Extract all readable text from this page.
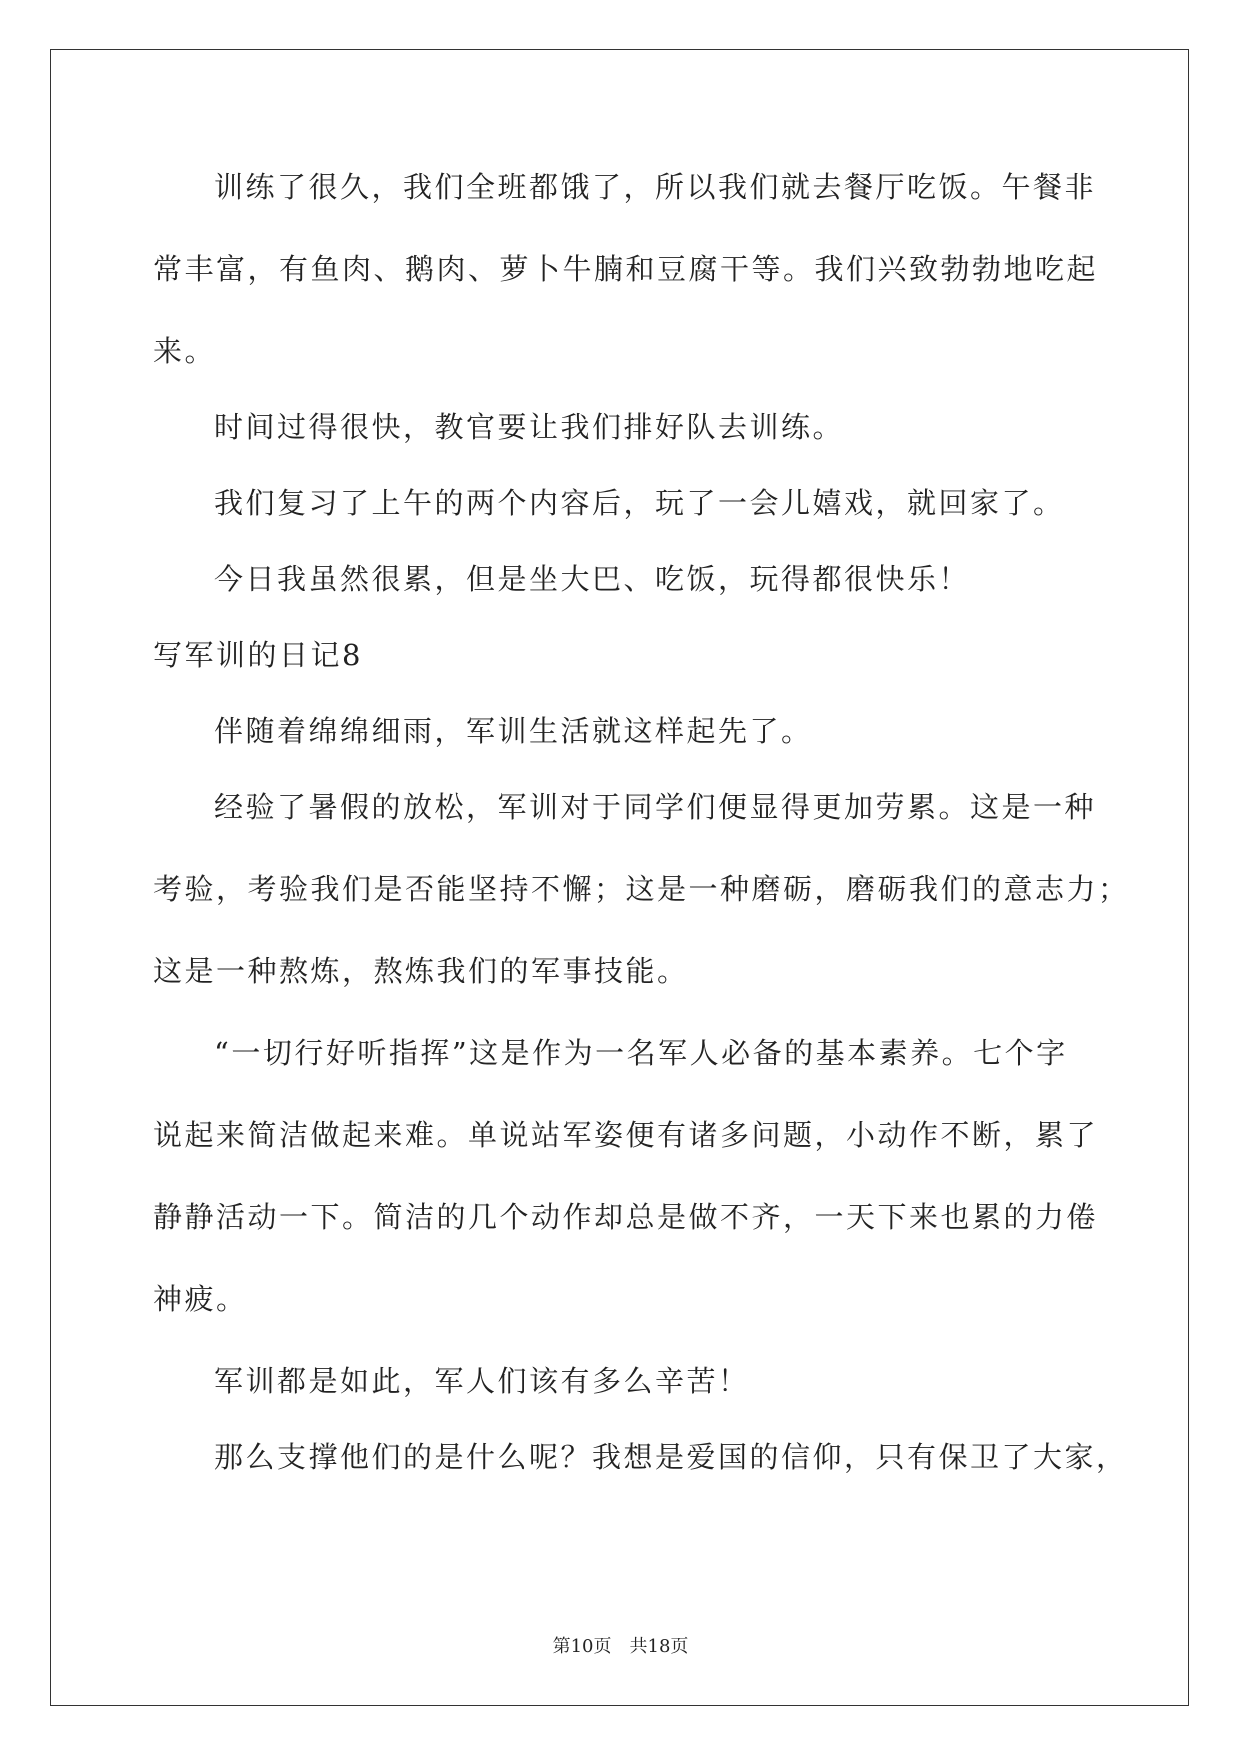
训练了很久，我们全班都饿了，所以我们就去餐厅吃饭。午餐非
常丰富，有鱼肉、鹅肉、萝卜牛腩和豆腐干等。我们兴致勃勃地吃起
来。
时间过得很快，教官要让我们排好队去训练。
我们复习了上午的两个内容后，玩了一会儿嬉戏，就回家了。
今日我虽然很累，但是坐大巴、吃饭，玩得都很快乐！
写军训的日记8
伴随着绵绵细雨，军训生活就这样起先了。
经验了暑假的放松，军训对于同学们便显得更加劳累。这是一种
考验，考验我们是否能坚持不懈；这是一种磨砺，磨砺我们的意志力；
这是一种熬炼，熬炼我们的军事技能。
“一切行好听指挥”这是作为一名军人必备的基本素养。七个字
说起来简洁做起来难。单说站军姿便有诸多问题，小动作不断，累了
静静活动一下。简洁的几个动作却总是做不齐，一天下来也累的力倦
神疲。
军训都是如此，军人们该有多么辛苦！
那么支撑他们的是什么呢？我想是爱国的信仰，只有保卫了大家，
第10页　共18页
